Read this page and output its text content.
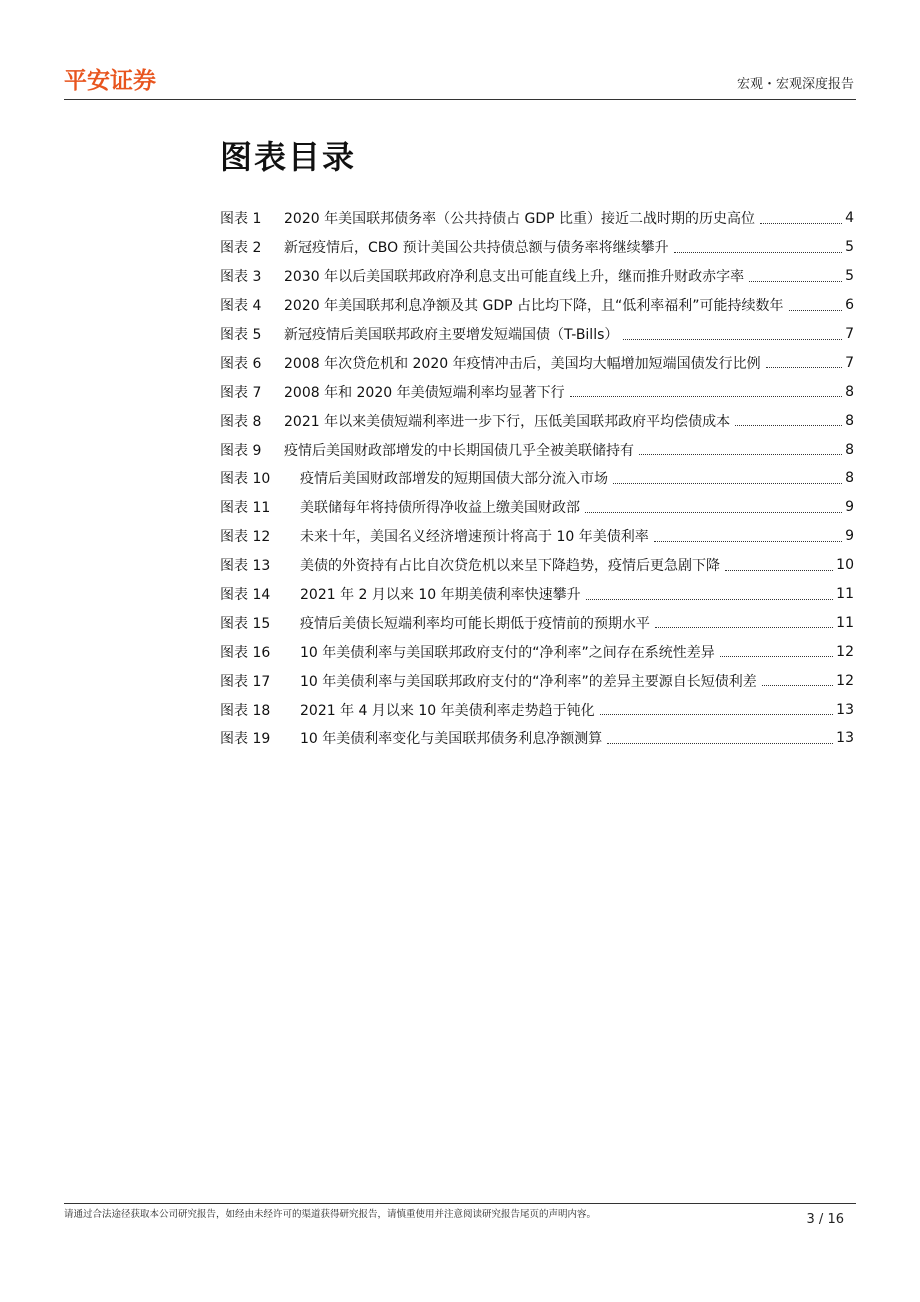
平安证券	宏观・宏观深度报告
图表目录
图表 1	2020 年美国联邦债务率（公共持债占 GDP 比重）接近二战时期的历史高位	4
图表 2	新冠疫情后，CBO 预计美国公共持债总额与债务率将继续攀升	5
图表 3	2030 年以后美国联邦政府净利息支出可能直线上升，继而推升财政赤字率	5
图表 4	2020 年美国联邦利息净额及其 GDP 占比均下降，且“低利率福利”可能持续数年	6
图表 5	新冠疫情后美国联邦政府主要增发短端国债（T-Bills）	7
图表 6	2008 年次贷危机和 2020 年疫情冲击后，美国均大幅增加短端国债发行比例	7
图表 7	2008 年和 2020 年美债短端利率均显著下行	8
图表 8	2021 年以来美债短端利率进一步下行，压低美国联邦政府平均偿债成本	8
图表 9	疫情后美国财政部增发的中长期国债几乎全被美联储持有	8
图表 10	疫情后美国财政部增发的短期国债大部分流入市场	8
图表 11	美联储每年将持债所得净收益上缴美国财政部	9
图表 12	未来十年，美国名义经济增速预计将高于 10 年美债利率	9
图表 13	美债的外资持有占比自次贷危机以来呈下降趋势，疫情后更急剧下降	10
图表 14	2021 年 2 月以来 10 年期美债利率快速攀升	11
图表 15	疫情后美债长短端利率均可能长期低于疫情前的预期水平	11
图表 16	10 年美债利率与美国联邦政府支付的“净利率”之间存在系统性差异	12
图表 17	10 年美债利率与美国联邦政府支付的“净利率”的差异主要源自长短债利差	12
图表 18	2021 年 4 月以来 10 年美债利率走势趋于钝化	13
图表 19	10 年美债利率变化与美国联邦债务利息净额测算	13
请通过合法途径获取本公司研究报告，如经由未经许可的渠道获得研究报告，请慎重使用并注意阅读研究报告尾页的声明内容。	3 / 16
